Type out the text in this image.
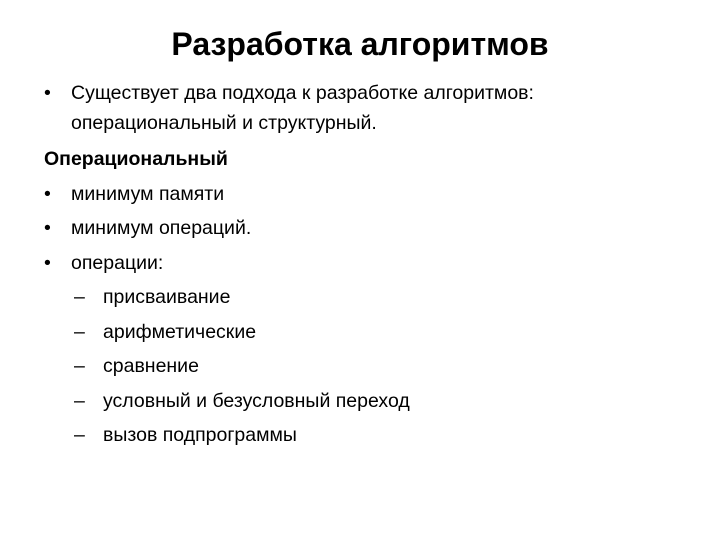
Разработка алгоритмов
•	Существует два подхода к разработке алгоритмов: операциональный и структурный.
Операциональный
•	минимум памяти
•	минимум операций.
•	операции:
– присваивание
– арифметические
– сравнение
– условный и безусловный переход
– вызов подпрограммы
